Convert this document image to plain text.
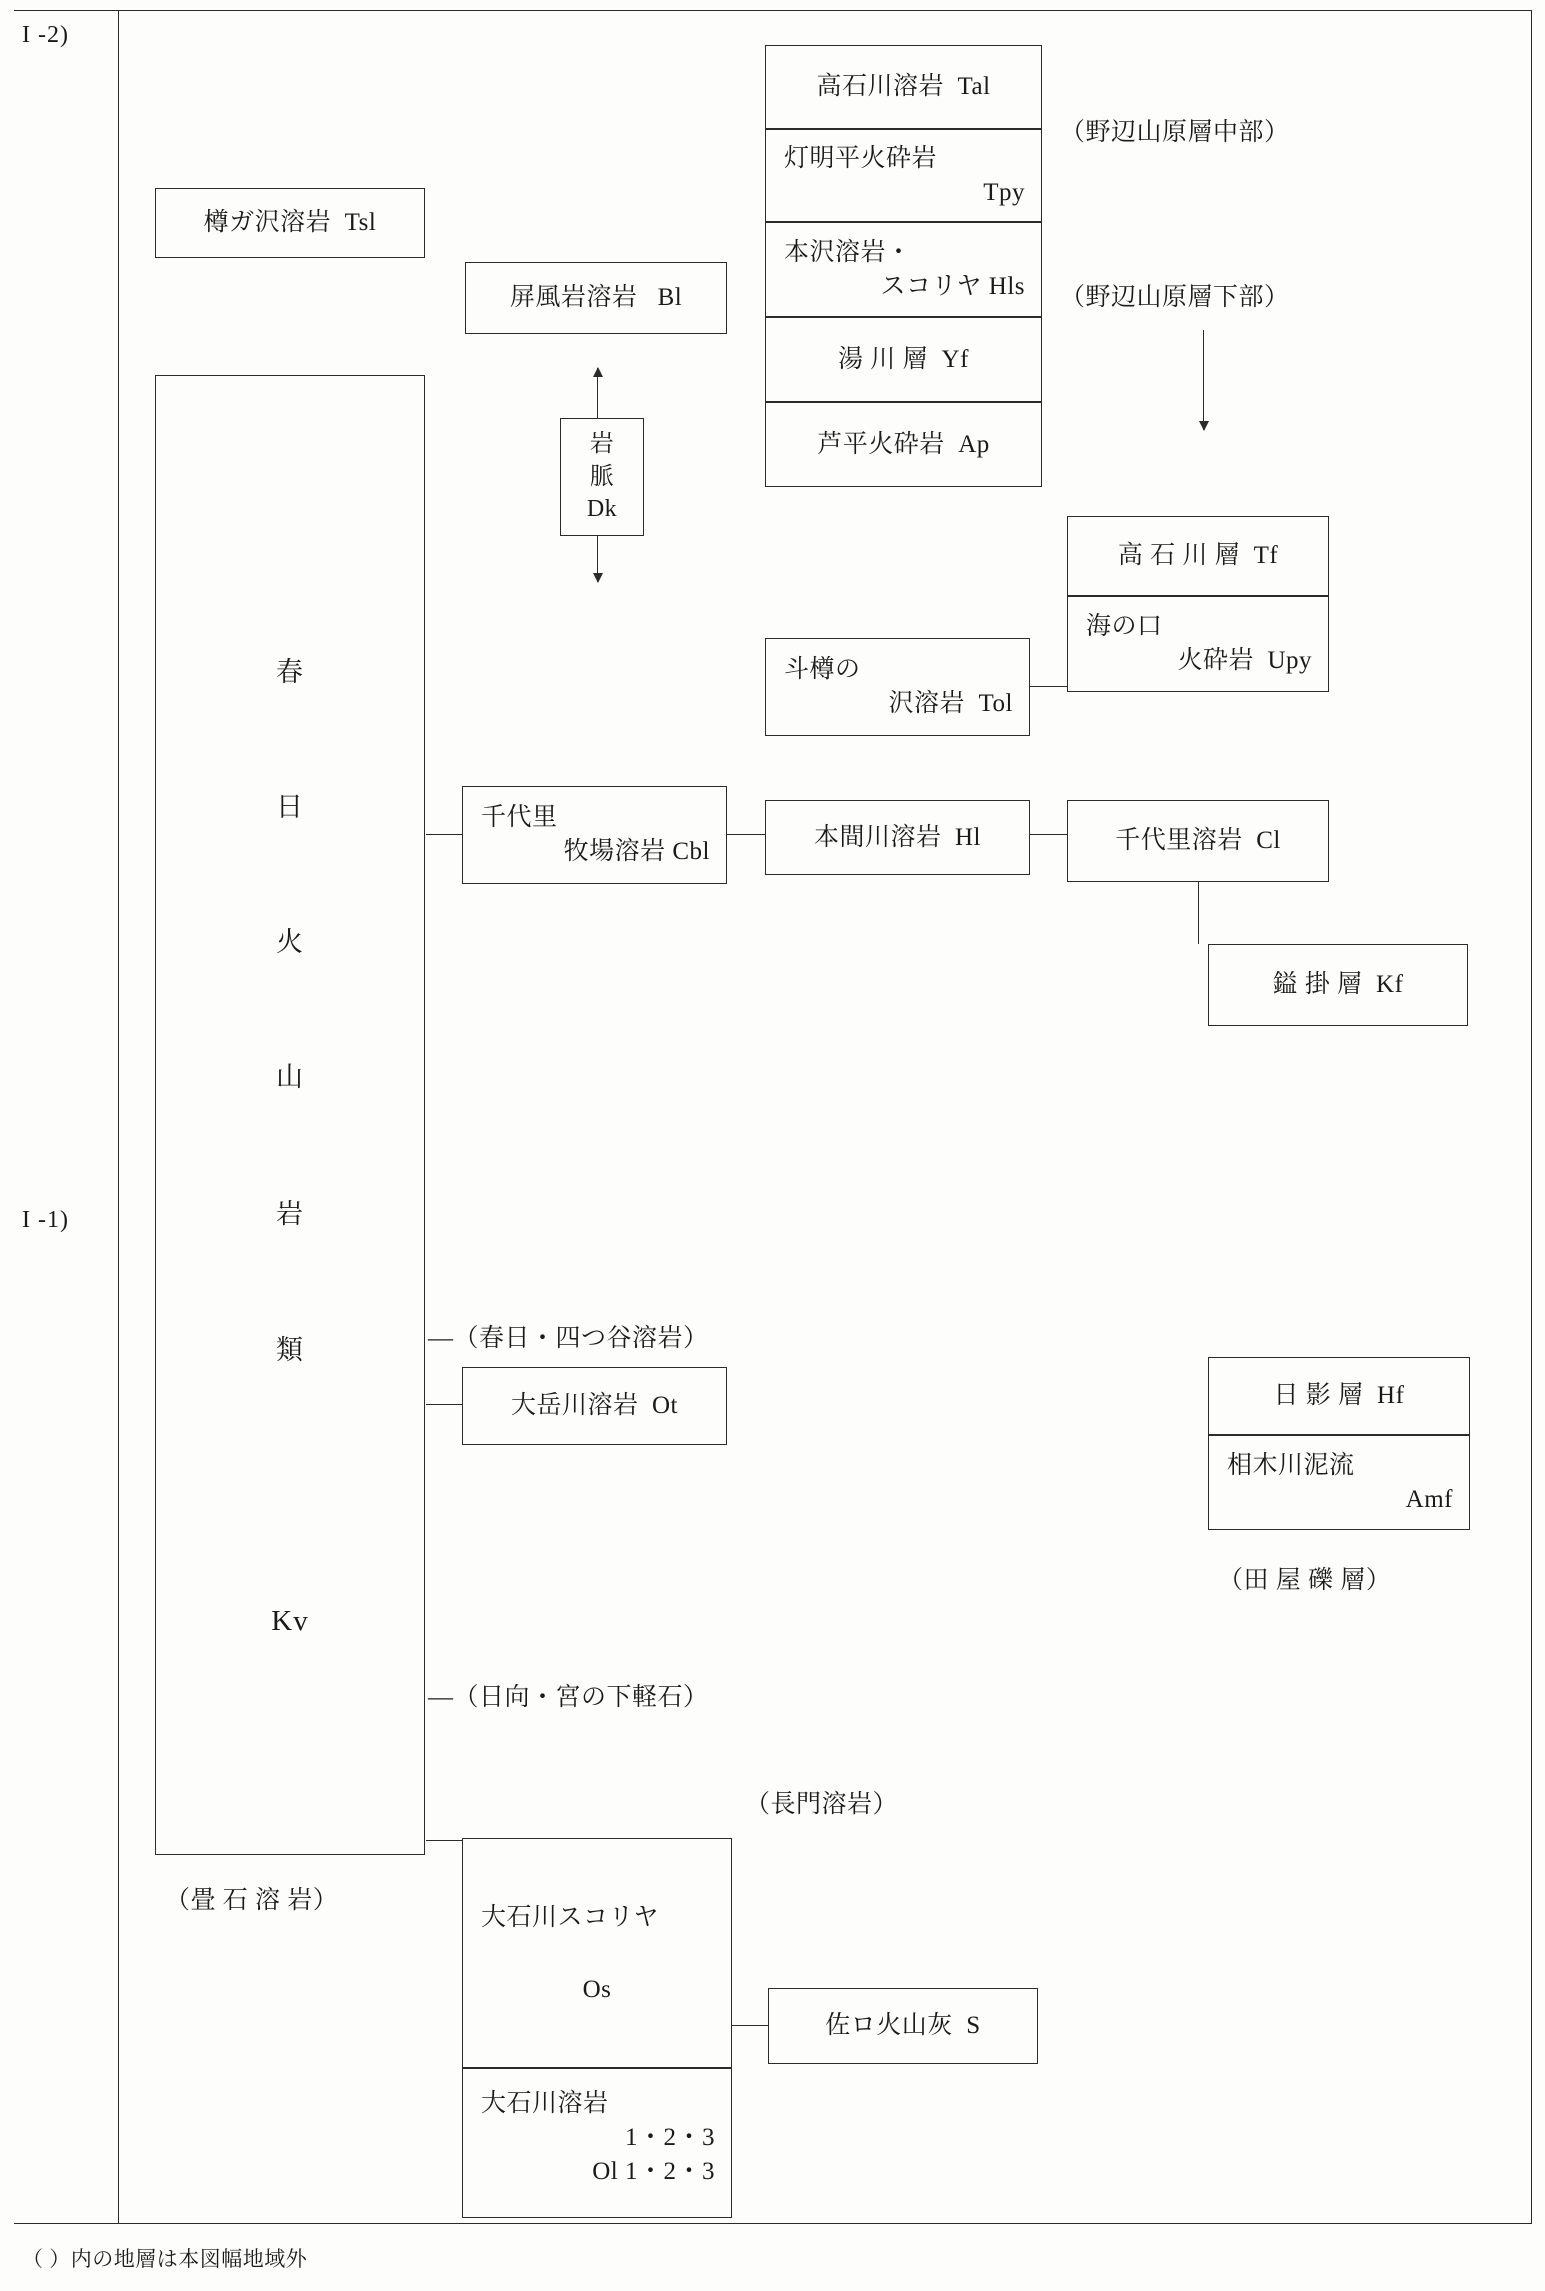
I -2)
I -1)
樽ガ沢溶岩  Tsl
屏風岩溶岩   Bl
高石川溶岩  Tal
灯明平火砕岩
Tpy
本沢溶岩・
スコリヤ Hls
湯 川 層  Yf
芦平火砕岩  Ap
（野辺山原層中部）
（野辺山原層下部）
岩
脈
Dk
高 石 川 層  Tf
海の口
火砕岩  Upy
斗樽の
沢溶岩  Tol
千代里
牧場溶岩 Cbl
本間川溶岩  Hl	千代里溶岩  Cl
鎰 掛 層  Kf
春
日
火
山
岩
類
Kv
（畳 石 溶 岩）
—（春日・四つ谷溶岩）
大岳川溶岩  Ot	日 影 層  Hf
相木川泥流
Amf
（田 屋 礫 層）
—（日向・宮の下軽石）
（長門溶岩）
大石川スコリヤ
Os
大石川溶岩
1・2・3
Ol 1・2・3
佐ロ火山灰  S
（ ）内の地層は本図幅地域外
